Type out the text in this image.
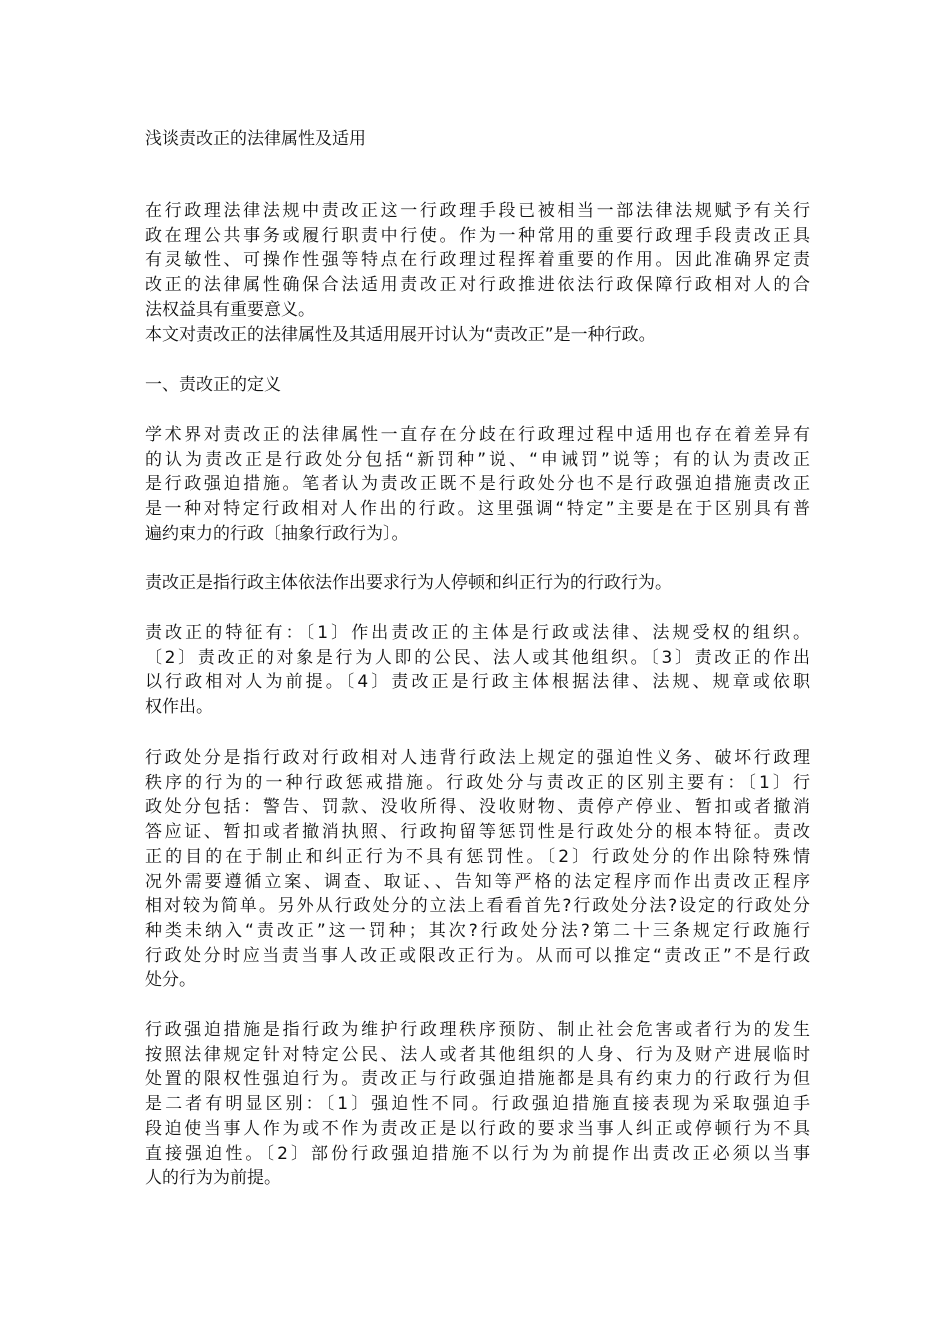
浅谈责改正的法律属性及适用
在行政理法律法规中责改正这一行政理手段已被相当一部法律法规赋予有关行
政在理公共事务或履行职责中行使。作为一种常用的重要行政理手段责改正具
有灵敏性、可操作性强等特点在行政理过程挥着重要的作用。因此准确界定责
改正的法律属性确保合法适用责改正对行政推进依法行政保障行政相对人的合
法权益具有重要意义。
本文对责改正的法律属性及其适用展开讨认为“责改正”是一种行政。
一、责改正的定义
学术界对责改正的法律属性一直存在分歧在行政理过程中适用也存在着差异有
的认为责改正是行政处分包括“新罚种”说、“申诫罚”说等；有的认为责改正
是行政强迫措施。笔者认为责改正既不是行政处分也不是行政强迫措施责改正
是一种对特定行政相对人作出的行政。这里强调“特定”主要是在于区别具有普
遍约束力的行政〔抽象行政行为〕。
责改正是指行政主体依法作出要求行为人停顿和纠正行为的行政行为。
责改正的特征有：〔1〕作出责改正的主体是行政或法律、法规受权的组织。
〔2〕责改正的对象是行为人即的公民、法人或其他组织。〔3〕责改正的作出
以行政相对人为前提。〔4〕责改正是行政主体根据法律、法规、规章或依职
权作出。
行政处分是指行政对行政相对人违背行政法上规定的强迫性义务、破坏行政理
秩序的行为的一种行政惩戒措施。行政处分与责改正的区别主要有：〔1〕行
政处分包括：警告、罚款、没收所得、没收财物、责停产停业、暂扣或者撤消
答应证、暂扣或者撤消执照、行政拘留等惩罚性是行政处分的根本特征。责改
正的目的在于制止和纠正行为不具有惩罚性。〔2〕行政处分的作出除特殊情
况外需要遵循立案、调查、取证、、告知等严格的法定程序而作出责改正程序
相对较为简单。另外从行政处分的立法上看看首先?行政处分法?设定的行政处分
种类未纳入“责改正”这一罚种；其次?行政处分法?第二十三条规定行政施行
行政处分时应当责当事人改正或限改正行为。从而可以推定“责改正”不是行政
处分。
行政强迫措施是指行政为维护行政理秩序预防、制止社会危害或者行为的发生
按照法律规定针对特定公民、法人或者其他组织的人身、行为及财产进展临时
处置的限权性强迫行为。责改正与行政强迫措施都是具有约束力的行政行为但
是二者有明显区别：〔1〕强迫性不同。行政强迫措施直接表现为采取强迫手
段迫使当事人作为或不作为责改正是以行政的要求当事人纠正或停顿行为不具
直接强迫性。〔2〕部份行政强迫措施不以行为为前提作出责改正必须以当事
人的行为为前提。
